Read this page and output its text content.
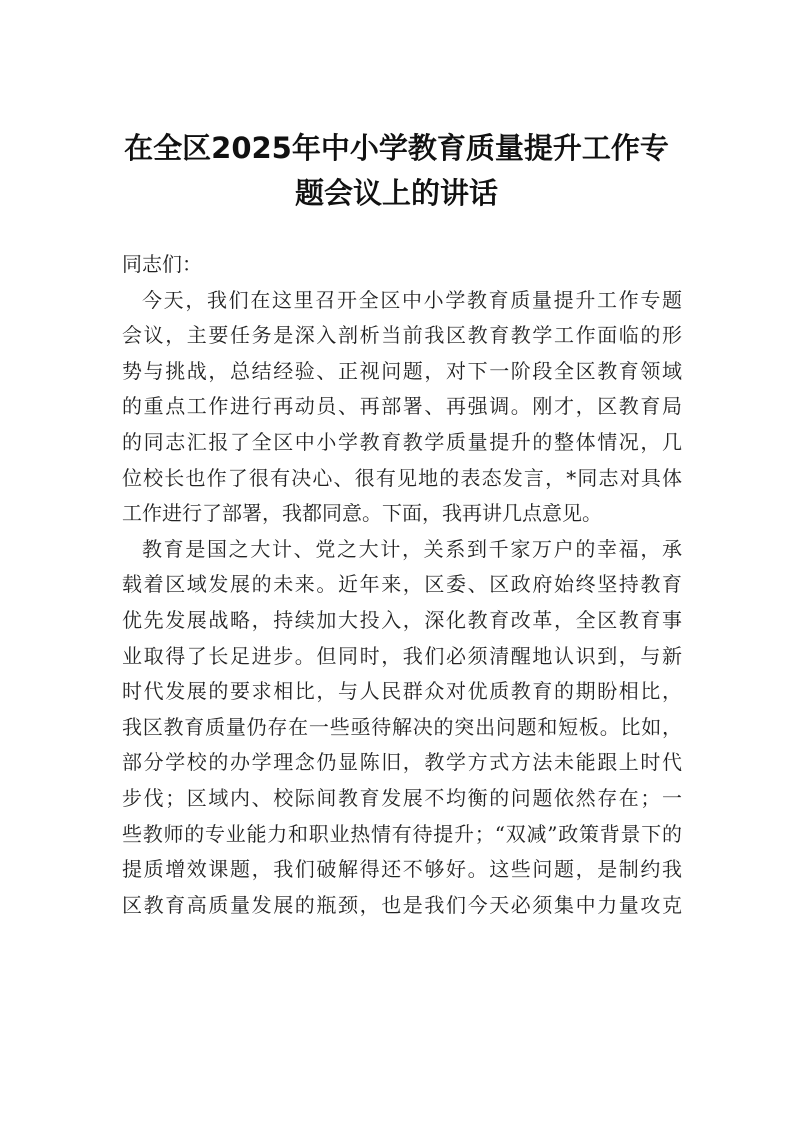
在全区2025年中小学教育质量提升工作专
题会议上的讲话
同志们：
今天，我们在这里召开全区中小学教育质量提升工作专题
会议，主要任务是深入剖析当前我区教育教学工作面临的形
势与挑战，总结经验、正视问题，对下一阶段全区教育领域
的重点工作进行再动员、再部署、再强调。刚才，区教育局
的同志汇报了全区中小学教育教学质量提升的整体情况，几
位校长也作了很有决心、很有见地的表态发言，*同志对具体
工作进行了部署，我都同意。下面，我再讲几点意见。
教育是国之大计、党之大计，关系到千家万户的幸福，承
载着区域发展的未来。近年来，区委、区政府始终坚持教育
优先发展战略，持续加大投入，深化教育改革，全区教育事
业取得了长足进步。但同时，我们必须清醒地认识到，与新
时代发展的要求相比，与人民群众对优质教育的期盼相比，
我区教育质量仍存在一些亟待解决的突出问题和短板。比如，
部分学校的办学理念仍显陈旧，教学方式方法未能跟上时代
步伐；区域内、校际间教育发展不均衡的问题依然存在；一
些教师的专业能力和职业热情有待提升；“双减”政策背景下的
提质增效课题，我们破解得还不够好。这些问题，是制约我
区教育高质量发展的瓶颈，也是我们今天必须集中力量攻克
